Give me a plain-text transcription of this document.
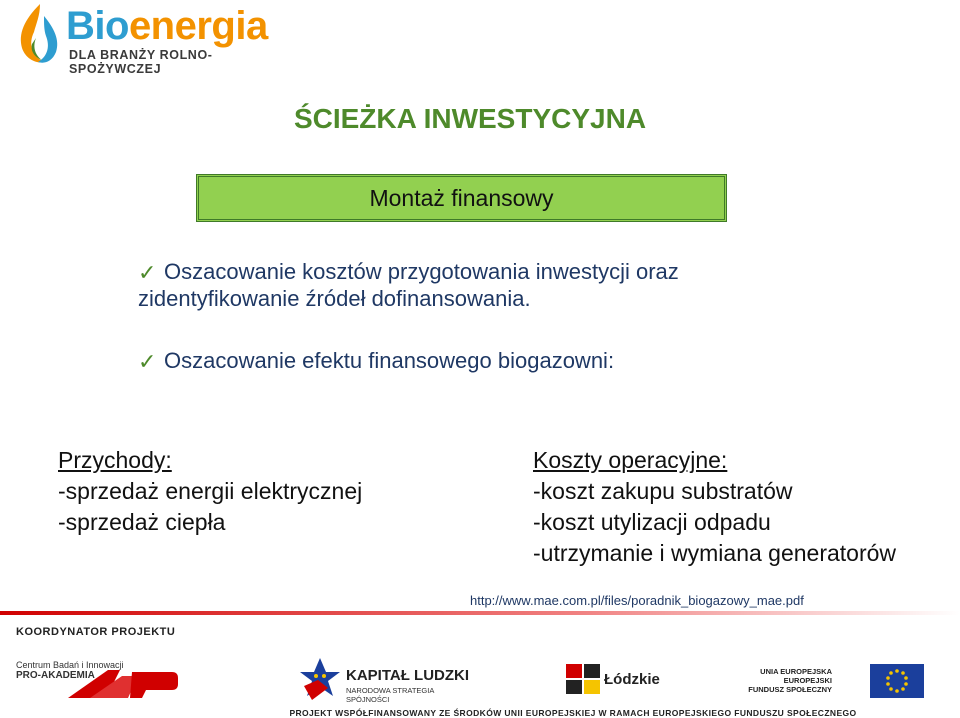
Bioenergia
DLA BRANŻY ROLNO-SPOŻYWCZEJ
ŚCIEŻKA INWESTYCYJNA
Montaż finansowy
✓ Oszacowanie kosztów przygotowania inwestycji oraz
zidentyfikowanie źródeł dofinansowania.
✓ Oszacowanie efektu finansowego biogazowni:
Przychody:
-sprzedaż energii elektrycznej
-sprzedaż ciepła
Koszty operacyjne:
-koszt zakupu substratów
-koszt utylizacji odpadu
-utrzymanie i wymiana generatorów
http://www.mae.com.pl/files/poradnik_biogazowy_mae.pdf
KOORDYNATOR PROJEKTU
Centrum Badań i Innowacji
PRO-AKADEMIA	KAPITAŁ LUDZKI
NARODOWA STRATEGIA SPÓJNOŚCI
Łódzkie	UNIA EUROPEJSKA
EUROPEJSKI
FUNDUSZ SPOŁECZNY
PROJEKT WSPÓŁFINANSOWANY ZE ŚRODKÓW UNII EUROPEJSKIEJ W RAMACH EUROPEJSKIEGO FUNDUSZU SPOŁECZNEGO
